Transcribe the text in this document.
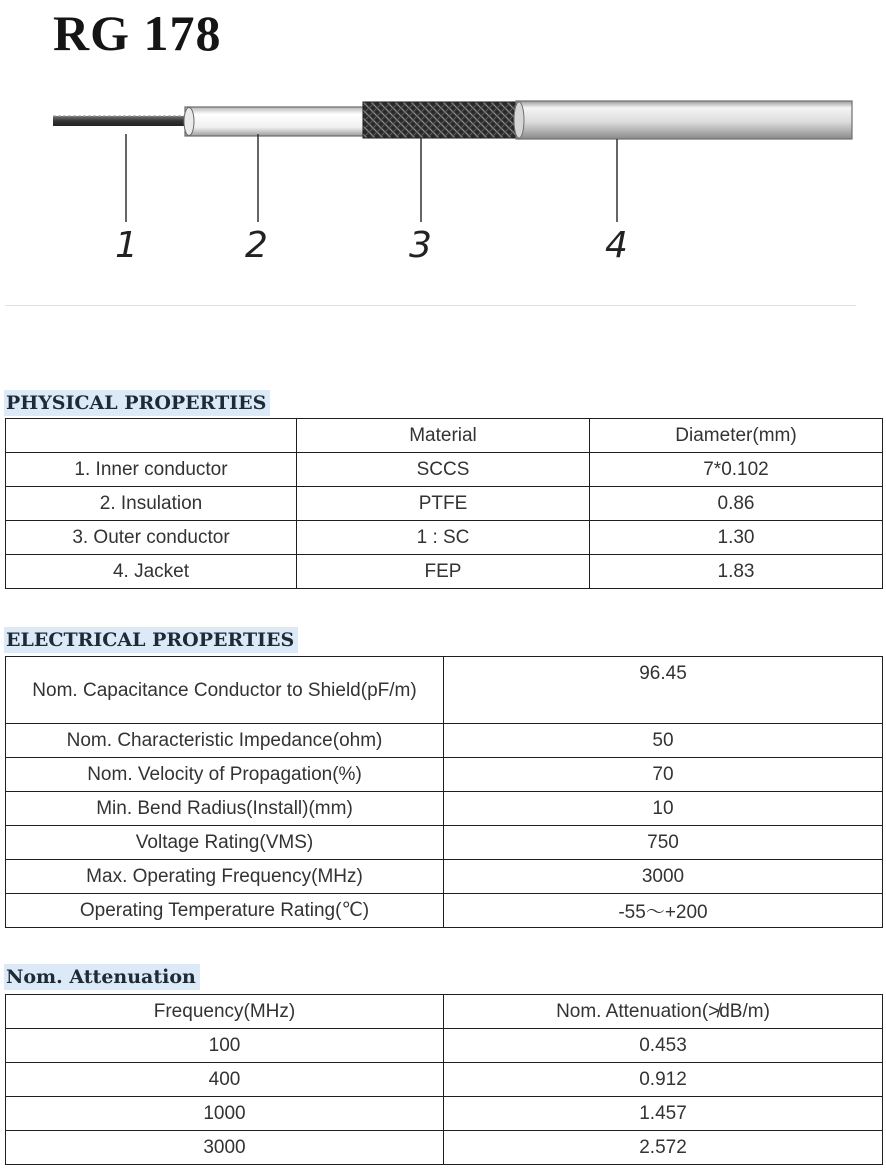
RG 178
1	2	3	4
PHYSICAL PROPERTIES
	Material	Diameter(mm)
1. Inner conductor	SCCS	7*0.102
2. Insulation	PTFE	0.86
3. Outer conductor	1 : SC	1.30
4. Jacket	FEP	1.83
ELECTRICAL PROPERTIES
Nom. Capacitance Conductor to Shield(pF/m)	96.45
Nom. Characteristic Impedance(ohm)	50
Nom. Velocity of Propagation(%)	70
Min. Bend Radius(Install)(mm)	10
Voltage Rating(VMS)	750
Max. Operating Frequency(MHz)	3000
Operating Temperature Rating(℃)	-55～+200
Nom. Attenuation
Frequency(MHz)	Nom. Attenuation(≯dB/m)
100	0.453
400	0.912
1000	1.457
3000	2.572
